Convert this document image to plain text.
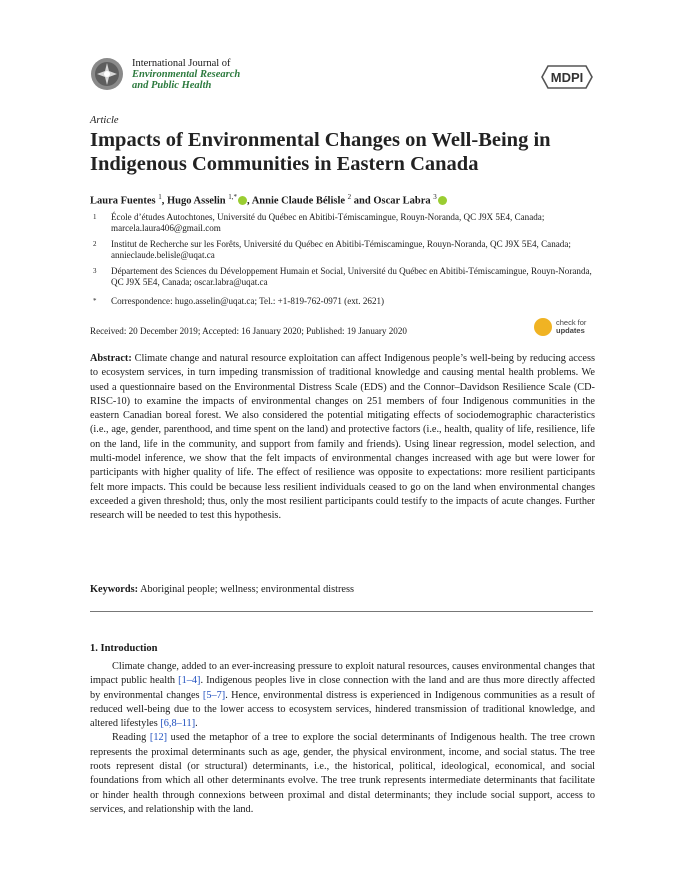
International Journal of
Environmental Research
and Public Health
MDPI
Article
Impacts of Environmental Changes on Well-Being in Indigenous Communities in Eastern Canada
Laura Fuentes $^1$, Hugo Asselin $^{1,*}$ , Annie Claude Bélisle $^2$ and Oscar Labra $^3$
1 École d’études Autochtones, Université du Québec en Abitibi-Témiscamingue, Rouyn-Noranda, QC J9X 5E4, Canada; marcela.laura406@gmail.com
2 Institut de Recherche sur les Forêts, Université du Québec en Abitibi-Témiscamingue, Rouyn-Noranda, QC J9X 5E4, Canada; annieclaude.belisle@uqat.ca
3 Département des Sciences du Développement Humain et Social, Université du Québec en Abitibi-Témiscamingue, Rouyn-Noranda, QC J9X 5E4, Canada; oscar.labra@uqat.ca
* Correspondence: hugo.asselin@uqat.ca; Tel.: +1-819-762-0971 (ext. 2621)
Received: 20 December 2019; Accepted: 16 January 2020; Published: 19 January 2020
check for
updates
Abstract: Climate change and natural resource exploitation can affect Indigenous people’s well-being by reducing access to ecosystem services, in turn impeding transmission of traditional knowledge and causing mental health problems. We used a questionnaire based on the Environmental Distress Scale (EDS) and the Connor–Davidson Resilience Scale (CD-RISC-10) to examine the impacts of environmental changes on 251 members of four Indigenous communities in the eastern Canadian boreal forest. We also considered the potential mitigating effects of sociodemographic characteristics (i.e., age, gender, parenthood, and time spent on the land) and protective factors (i.e., health, quality of life, resilience, life on the land, life in the community, and support from family and friends). Using linear regression, model selection, and multi-model inference, we show that the felt impacts of environmental changes increased with age but were lower for participants with higher quality of life. The effect of resilience was opposite to expectations: more resilient participants felt more impacts. This could be because less resilient individuals ceased to go on the land when environmental changes exceeded a given threshold; thus, only the most resilient participants could testify to the impacts of acute changes. Further research will be needed to test this hypothesis.
Keywords: Aboriginal people; wellness; environmental distress
1. Introduction

Climate change, added to an ever-increasing pressure to exploit natural resources, causes environmental changes that impact public health [1–4]. Indigenous peoples live in close connection with the land and are thus more directly affected by environmental changes [5–7]. Hence, environmental distress is experienced in Indigenous communities as a result of reduced well-being due to the lower access to ecosystem services, hindered transmission of traditional knowledge, and altered lifestyles [6,8–11].

Reading [12] used the metaphor of a tree to explore the social determinants of Indigenous health. The tree crown represents the proximal determinants such as age, gender, the physical environment, income, and social status. The tree roots represent distal (or structural) determinants, i.e., the historical, political, ideological, economical, and social foundations from which all other determinants evolve. The tree trunk represents intermediate determinants that facilitate or hinder health through connexions between proximal and distal determinants; they include social support, access to services, and relationship with the land.
